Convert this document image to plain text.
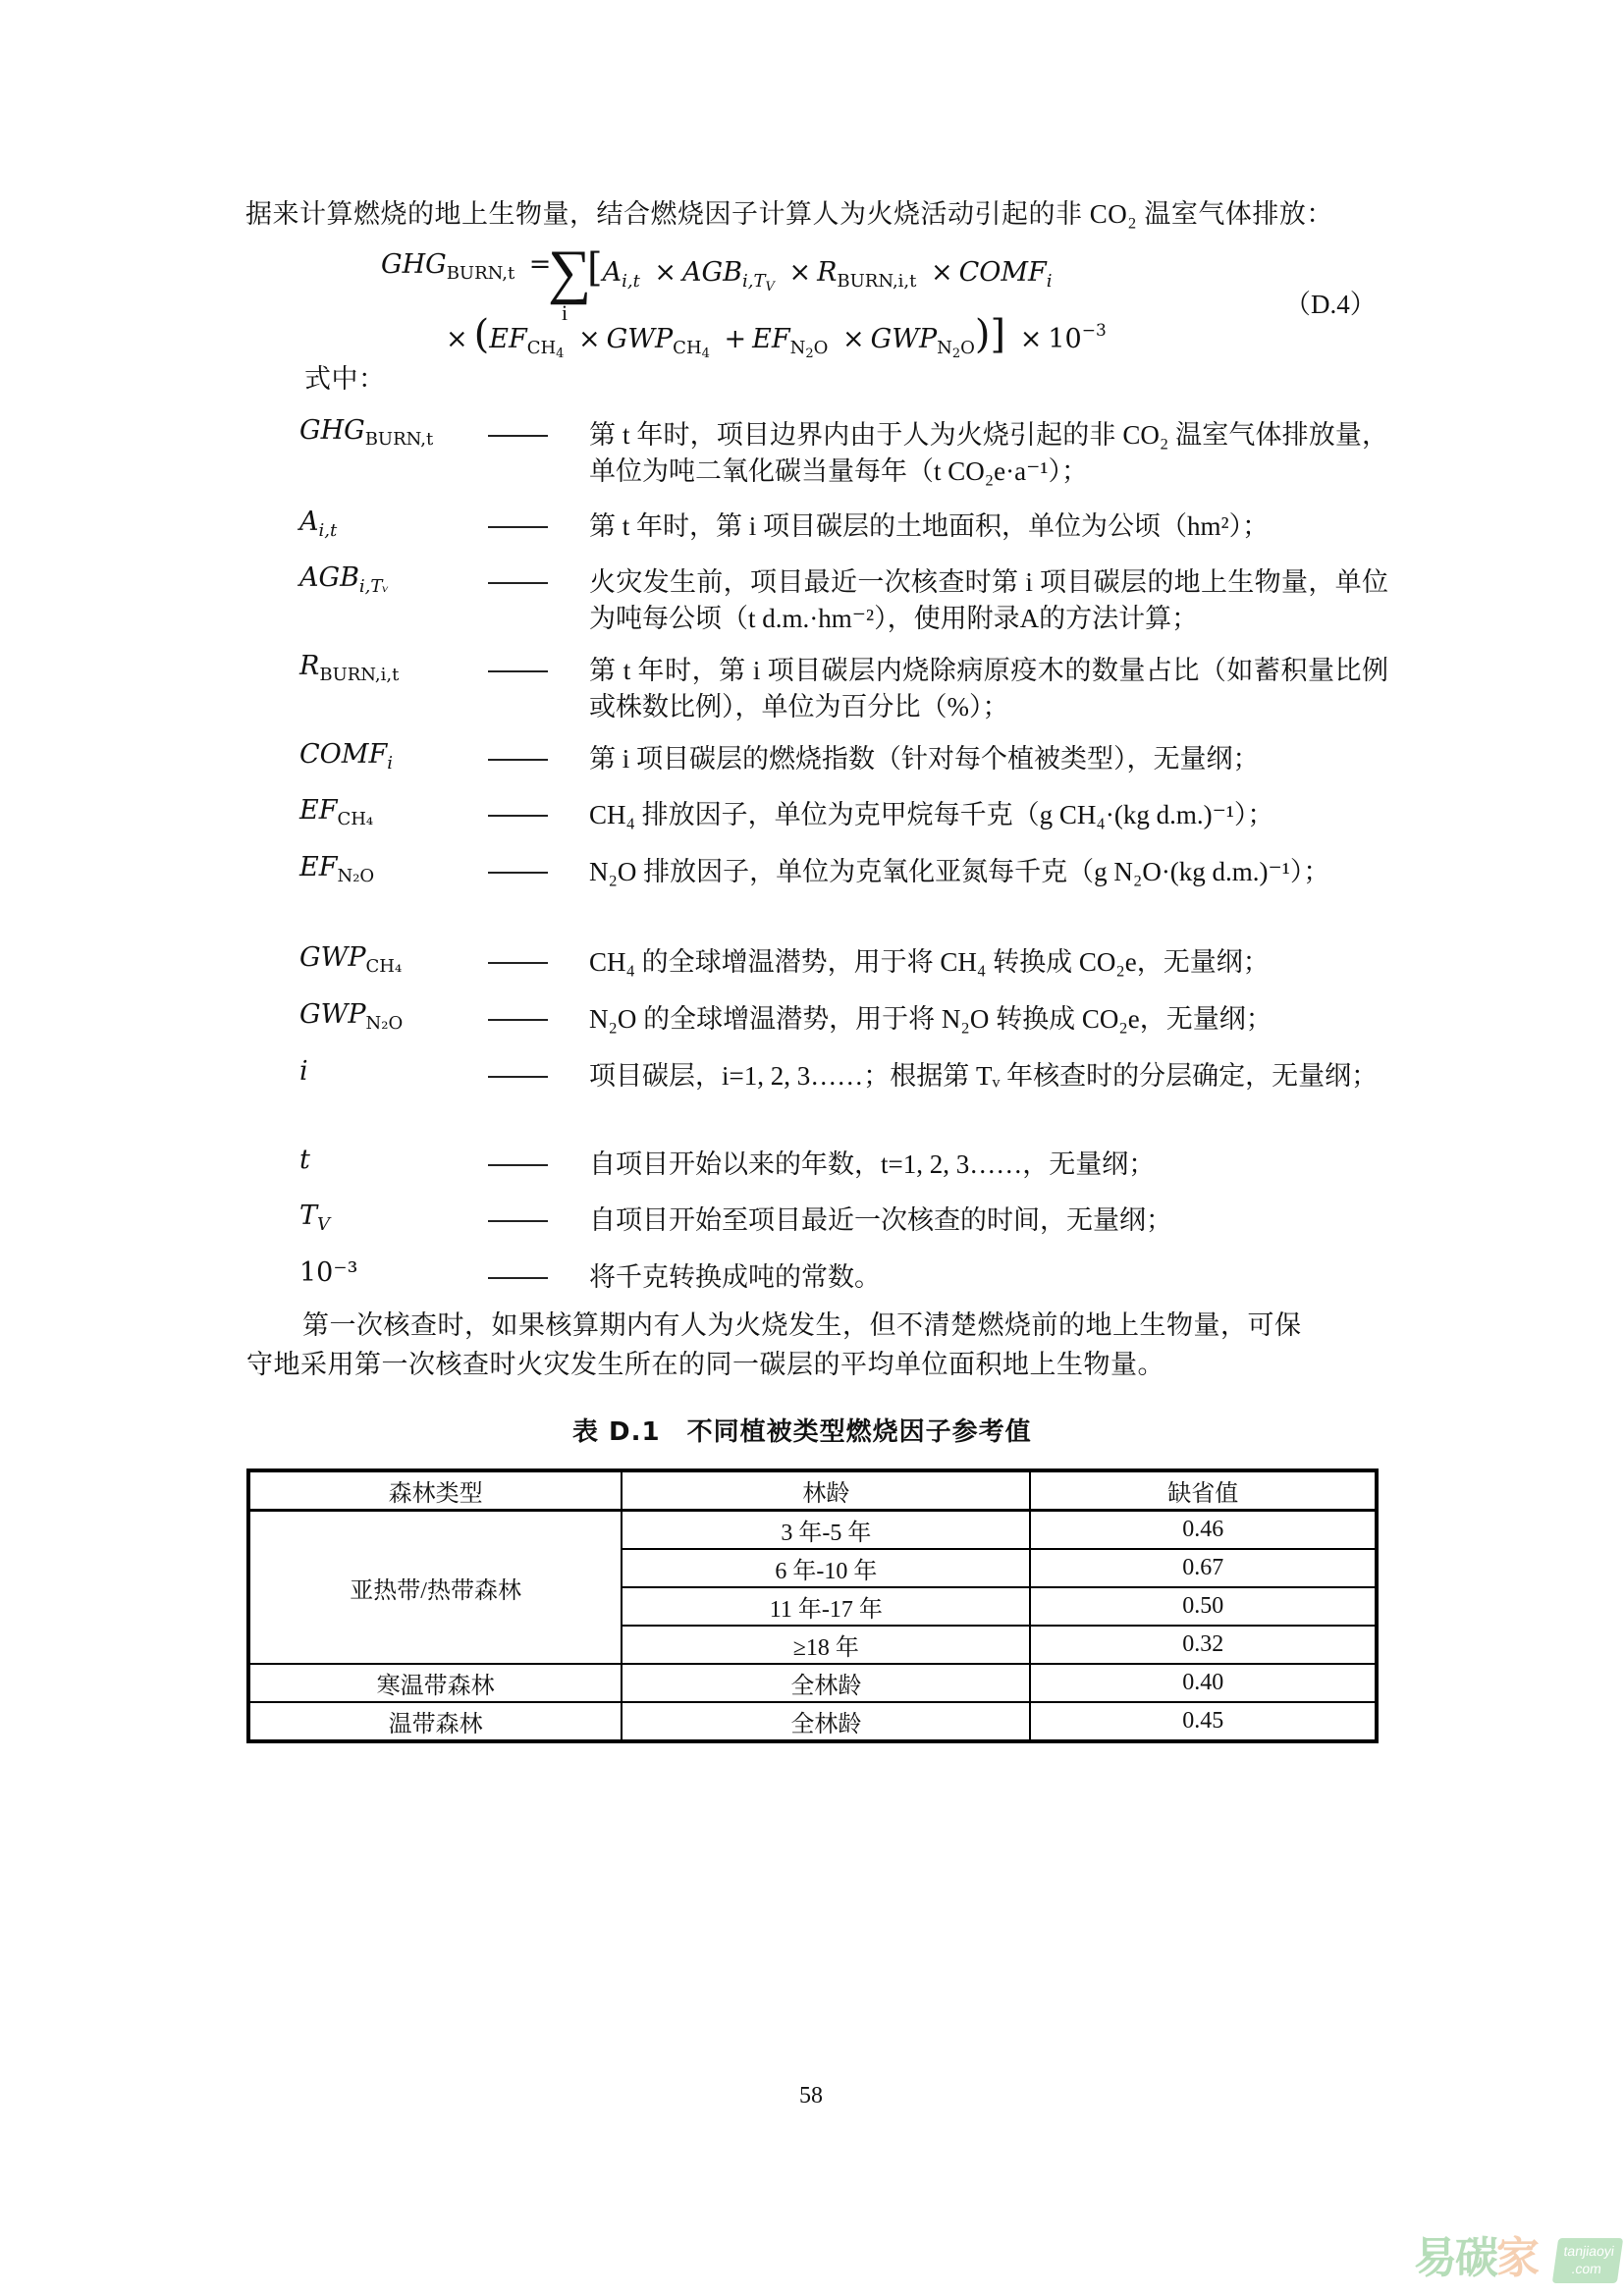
据来计算燃烧的地上生物量，结合燃烧因子计算人为火烧活动引起的非 CO₂ 温室气体排放：
$GHG_{BURN,t}$ =
∑
i
[$A_{i,t} \times AGB_{i,T_V} \times R_{BURN,i,t}$ × $COMF_i$
× $(EF_{CH_4} \times GWP_{CH_4} + EF_{N_2O} \times GWP_{N_2O})] \times 10^{-3}$
（D.4）
式中：
$GHG_{BURN,t}$	第 t 年时，项目边界内由于人为火烧引起的非 CO₂ 温室气体排放量，单位为吨二氧化碳当量每年（t CO₂e·a⁻¹）；
$A_{i,t}$	第 t 年时，第 i 项目碳层的土地面积，单位为公顷（hm²）；
$AGB_{i,Tᵥ}$	火灾发生前，项目最近一次核查时第 i 项目碳层的地上生物量，单位为吨每公顷（t d.m.·hm⁻²），使用附录A的方法计算；
$R_{BURN,i,t}$	第 t 年时，第 i 项目碳层内烧除病原疫木的数量占比（如蓄积量比例或株数比例），单位为百分比（%）；
$COMF_i$	第 i 项目碳层的燃烧指数（针对每个植被类型），无量纲；
$EF_{CH_4}$	CH₄ 排放因子，单位为克甲烷每千克（g CH₄·(kg d.m.)⁻¹）；
$EF_{N_2O}$	N₂O 排放因子，单位为克氧化亚氮每千克（g N₂O·(kg d.m.)⁻¹）；
$GWP_{CH_4}$	CH₄ 的全球增温潜势，用于将 CH₄ 转换成 CO₂e，无量纲；
$GWP_{N_2O}$	N₂O 的全球增温潜势，用于将 N₂O 转换成 CO₂e，无量纲；
i	项目碳层，i=1, 2, 3……；根据第 Tᵥ 年核查时的分层确定，无量纲；
t	自项目开始以来的年数，t=1, 2, 3……，无量纲；
$T_V$	自项目开始至项目最近一次核查的时间，无量纲；
10⁻³	将千克转换成吨的常数。
第一次核查时，如果核算期内有人为火烧发生，但不清楚燃烧前的地上生物量，可保
守地采用第一次核查时火灾发生所在的同一碳层的平均单位面积地上生物量。
表 D.1　不同植被类型燃烧因子参考值
森林类型	林龄	缺省值
亚热带/热带森林	3 年-5 年	0.46
	6 年-10 年	0.67
	11 年-17 年	0.50
	≥18 年	0.32
寒温带森林	全林龄	0.40
温带森林	全林龄	0.45
58
易碳家	tanjiaoyi
.com
